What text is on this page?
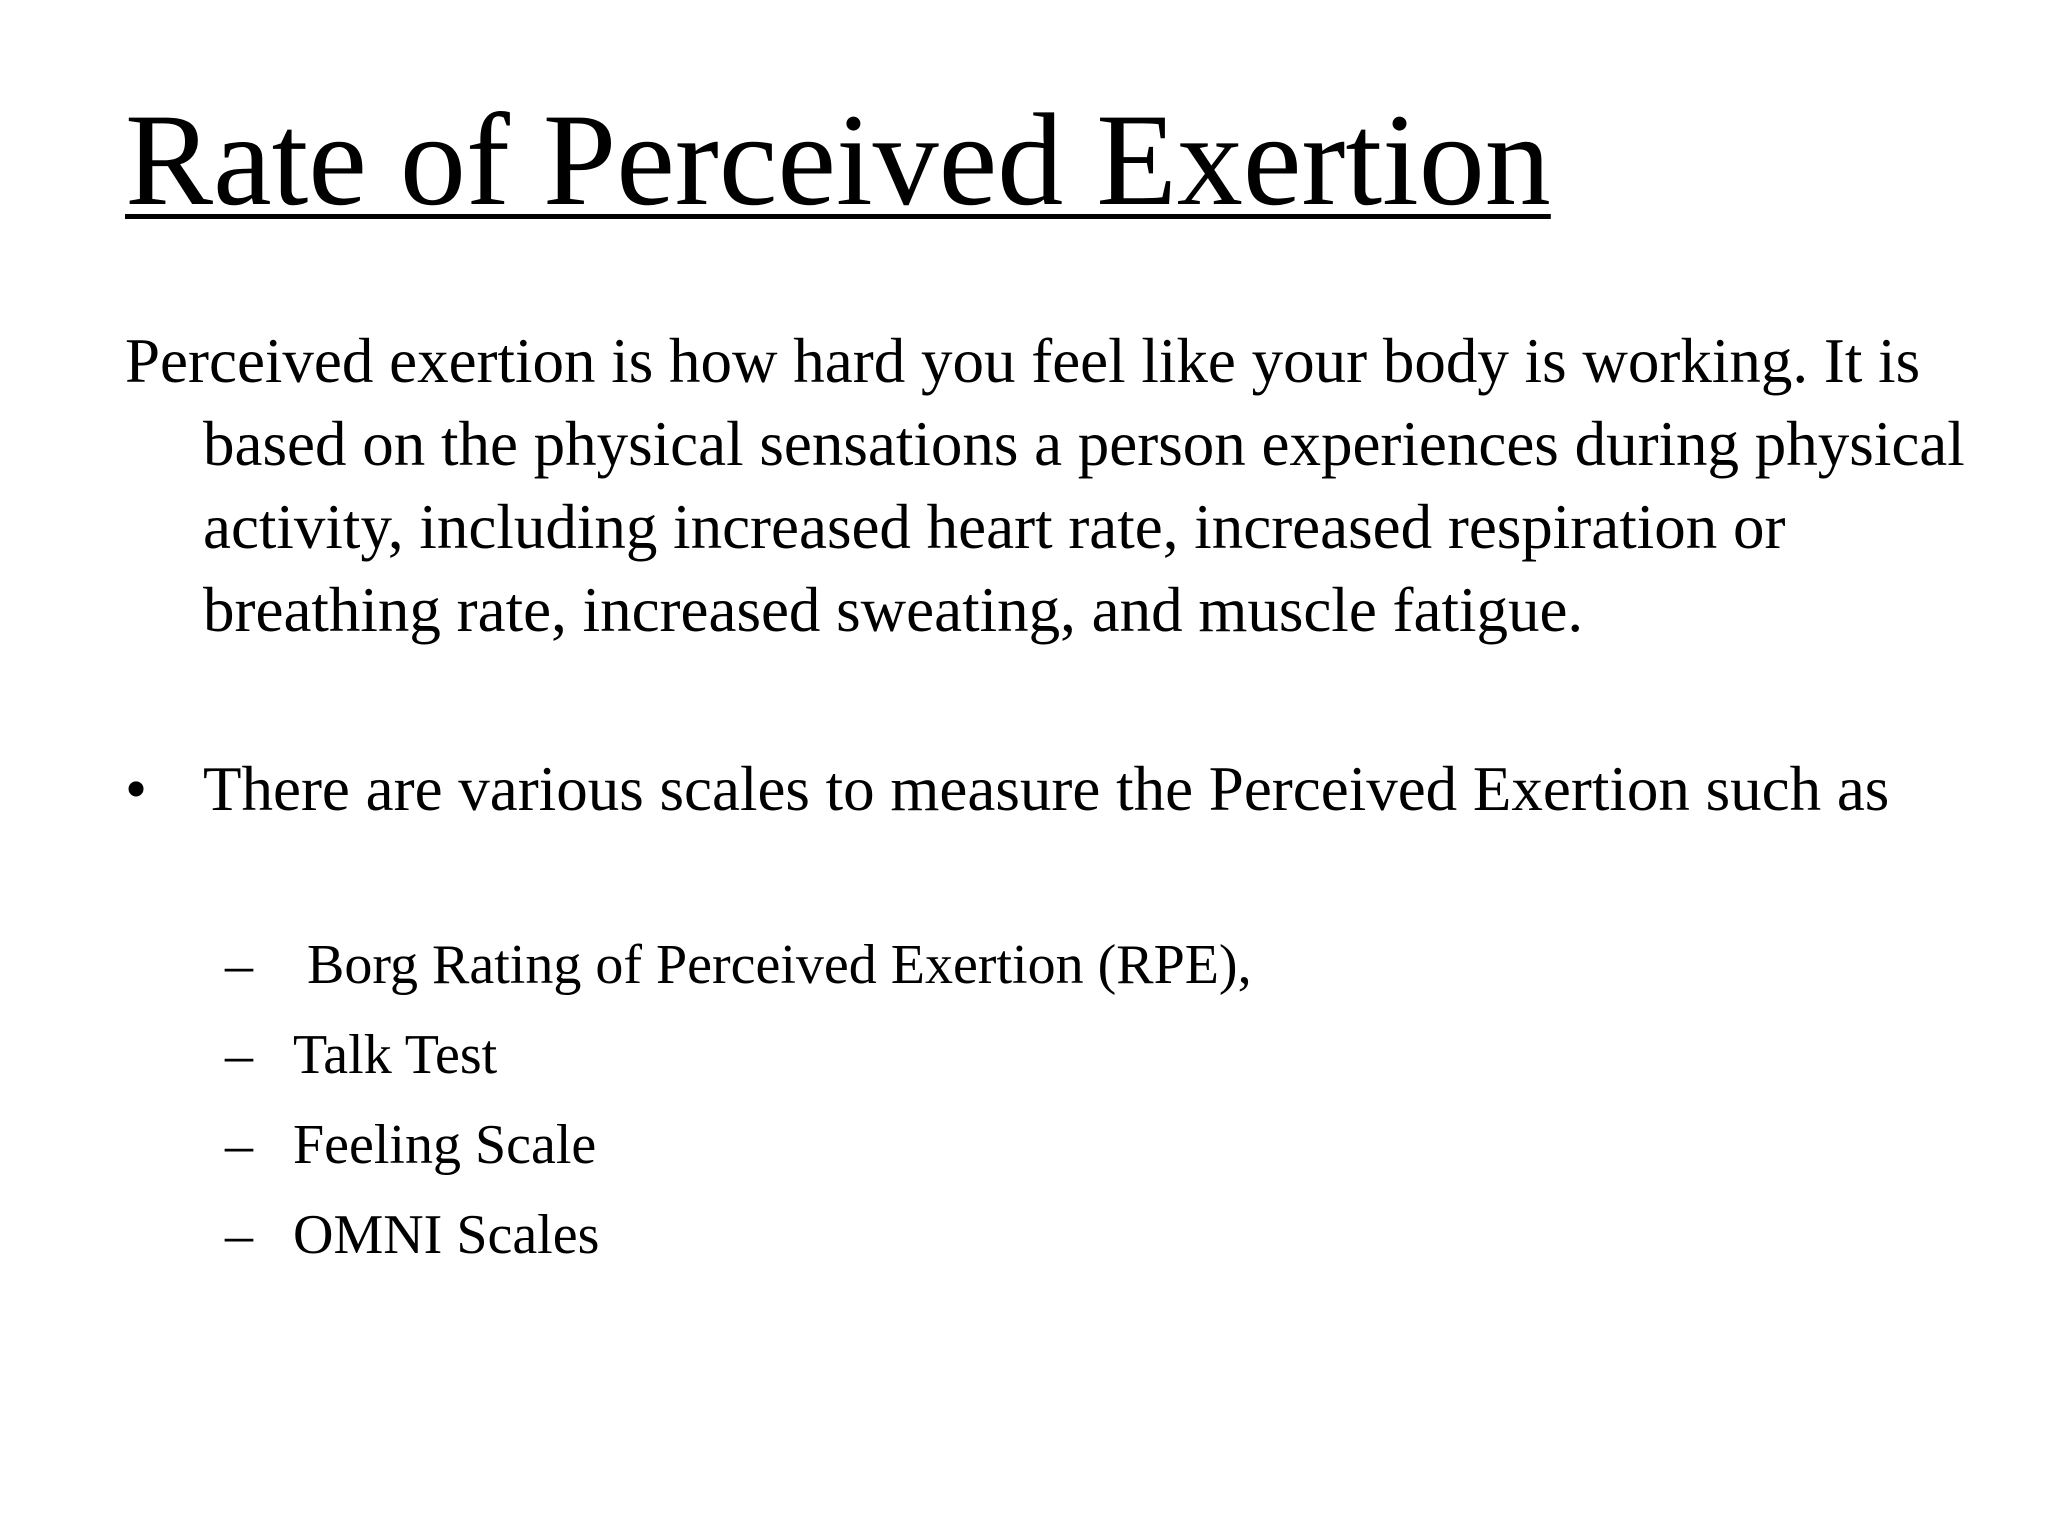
Rate of Perceived Exertion

Perceived exertion is how hard you feel like your body is working. It is based on the physical sensations a person experiences during physical activity, including increased heart rate, increased respiration or breathing rate, increased sweating, and muscle fatigue.

• There are various scales to measure the Perceived Exertion such as
– Borg Rating of Perceived Exertion (RPE),
– Talk Test
– Feeling Scale
– OMNI Scales
